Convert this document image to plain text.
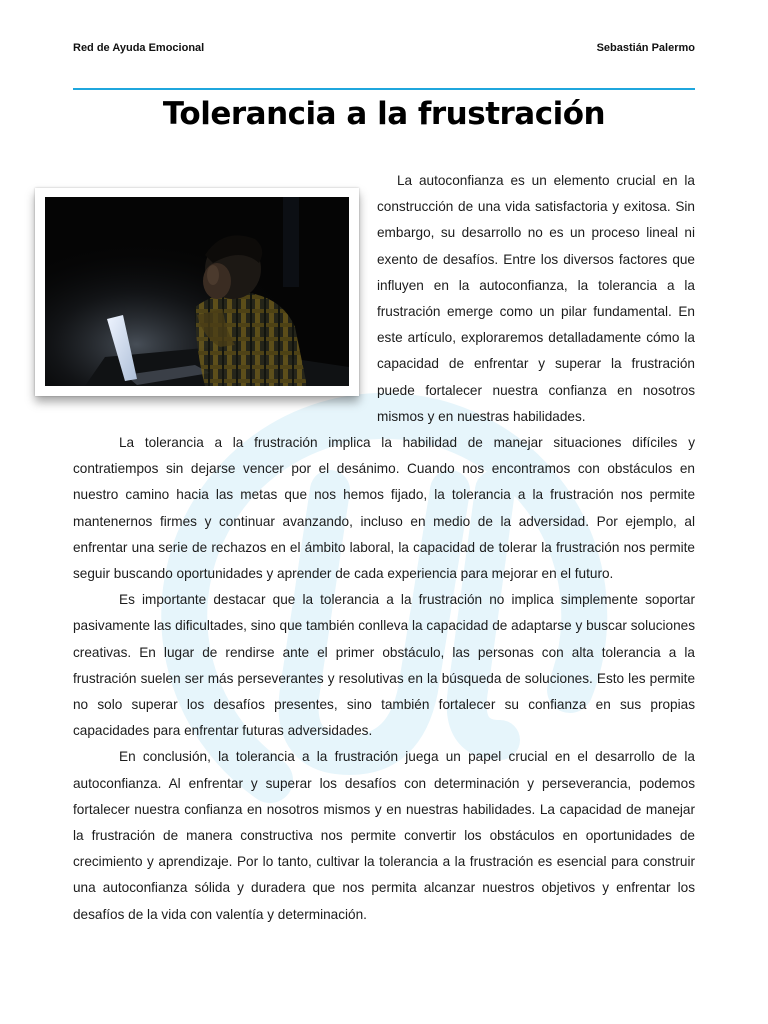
Red de Ayuda Emocional	Sebastián Palermo
Tolerancia a la frustración

La autoconfianza es un elemento crucial en la construcción de una vida satisfactoria y exitosa. Sin embargo, su desarrollo no es un proceso lineal ni exento de desafíos. Entre los diversos factores que influyen en la autoconfianza, la tolerancia a la frustración emerge como un pilar fundamental. En este artículo, exploraremos detalladamente cómo la capacidad de enfrentar y superar la frustración puede fortalecer nuestra confianza en nosotros mismos y en nuestras habilidades.

La tolerancia a la frustración implica la habilidad de manejar situaciones difíciles y contratiempos sin dejarse vencer por el desánimo. Cuando nos encontramos con obstáculos en nuestro camino hacia las metas que nos hemos fijado, la tolerancia a la frustración nos permite mantenernos firmes y continuar avanzando, incluso en medio de la adversidad. Por ejemplo, al enfrentar una serie de rechazos en el ámbito laboral, la capacidad de tolerar la frustración nos permite seguir buscando oportunidades y aprender de cada experiencia para mejorar en el futuro.

Es importante destacar que la tolerancia a la frustración no implica simplemente soportar pasivamente las dificultades, sino que también conlleva la capacidad de adaptarse y buscar soluciones creativas. En lugar de rendirse ante el primer obstáculo, las personas con alta tolerancia a la frustración suelen ser más perseverantes y resolutivas en la búsqueda de soluciones. Esto les permite no solo superar los desafíos presentes, sino también fortalecer su confianza en sus propias capacidades para enfrentar futuras adversidades.

En conclusión, la tolerancia a la frustración juega un papel crucial en el desarrollo de la autoconfianza. Al enfrentar y superar los desafíos con determinación y perseverancia, podemos fortalecer nuestra confianza en nosotros mismos y en nuestras habilidades. La capacidad de manejar la frustración de manera constructiva nos permite convertir los obstáculos en oportunidades de crecimiento y aprendizaje. Por lo tanto, cultivar la tolerancia a la frustración es esencial para construir una autoconfianza sólida y duradera que nos permita alcanzar nuestros objetivos y enfrentar los desafíos de la vida con valentía y determinación.
